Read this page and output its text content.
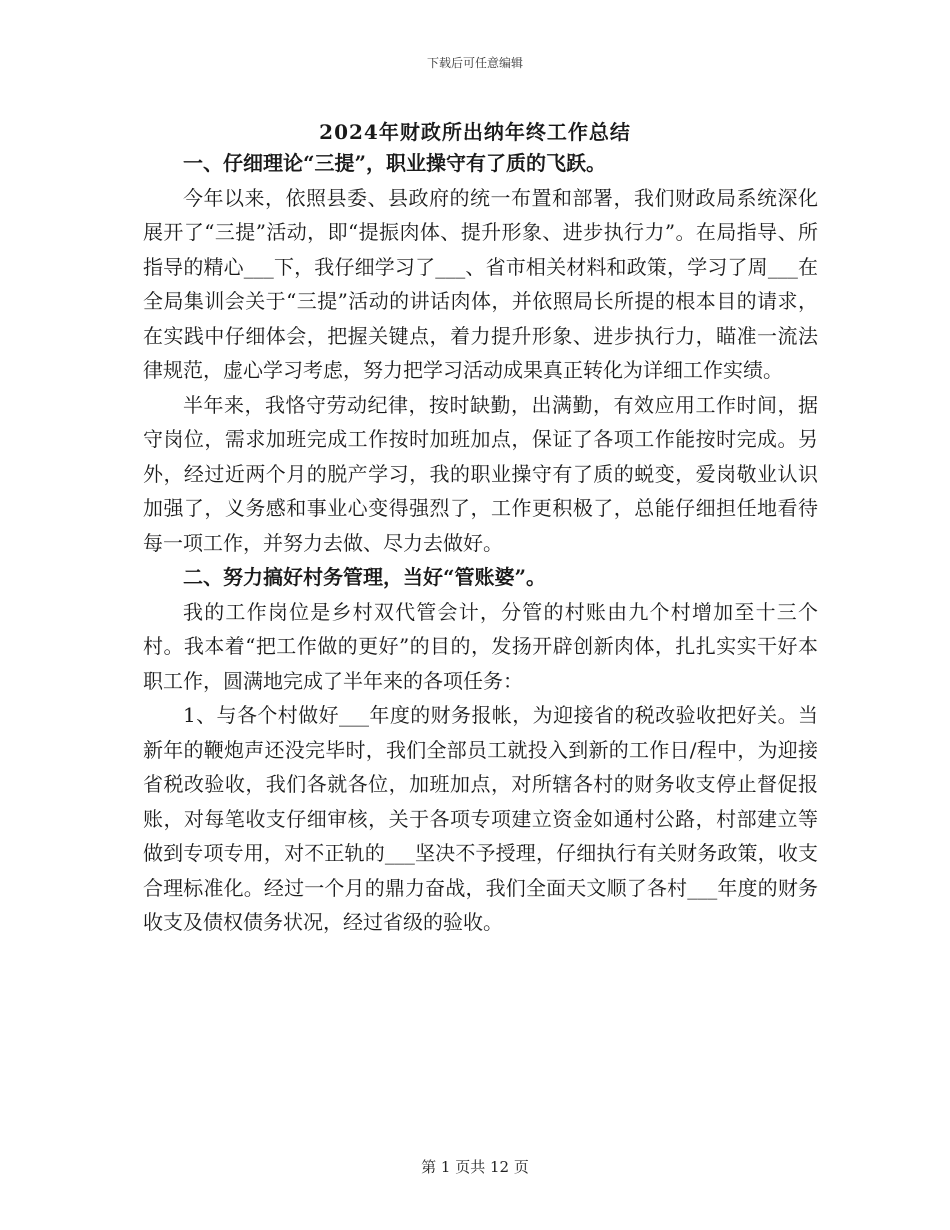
下载后可任意编辑
2024年财政所出纳年终工作总结
一、仔细理论“三提”，职业操守有了质的飞跃。

今年以来，依照县委、县政府的统一布置和部署，我们财政局系统深化展开了“三提”活动，即“提振肉体、提升形象、进步执行力”。在局指导、所指导的精心___下，我仔细学习了___、省市相关材料和政策，学习了周___在全局集训会关于“三提”活动的讲话肉体，并依照局长所提的根本目的请求，在实践中仔细体会，把握关键点，着力提升形象、进步执行力，瞄准一流法律规范，虚心学习考虑，努力把学习活动成果真正转化为详细工作实绩。

半年来，我恪守劳动纪律，按时缺勤，出满勤，有效应用工作时间，据守岗位，需求加班完成工作按时加班加点，保证了各项工作能按时完成。另外，经过近两个月的脱产学习，我的职业操守有了质的蜕变，爱岗敬业认识加强了，义务感和事业心变得强烈了，工作更积极了，总能仔细担任地看待每一项工作，并努力去做、尽力去做好。

二、努力搞好村务管理，当好“管账婆”。

我的工作岗位是乡村双代管会计，分管的村账由九个村增加至十三个村。我本着“把工作做的更好”的目的，发扬开辟创新肉体，扎扎实实干好本职工作，圆满地完成了半年来的各项任务：

1、与各个村做好___年度的财务报帐，为迎接省的税改验收把好关。当新年的鞭炮声还没完毕时，我们全部员工就投入到新的工作日/程中，为迎接省税改验收，我们各就各位，加班加点，对所辖各村的财务收支停止督促报账，对每笔收支仔细审核，关于各项专项建立资金如通村公路，村部建立等做到专项专用，对不正轨的___坚决不予授理，仔细执行有关财务政策，收支合理标准化。经过一个月的鼎力奋战，我们全面天文顺了各村___年度的财务收支及债权债务状况，经过省级的验收。

第 1 页共 12 页
